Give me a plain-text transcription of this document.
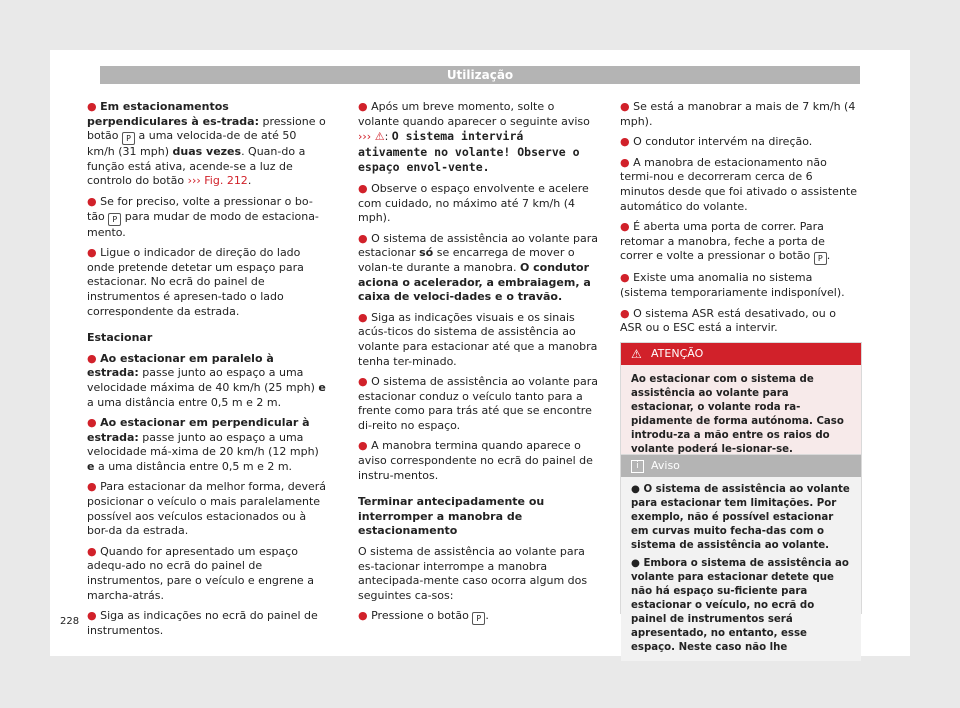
Utilização

● Em estacionamentos perpendiculares à es-trada: pressione o botão P a uma velocida-de de até 50 km/h (31 mph) duas vezes. Quan-do a função está ativa, acende-se a luz de controlo do botão ››› Fig. 212.

● Se for preciso, volte a pressionar o bo-tão P para mudar de modo de estaciona-mento.

● Ligue o indicador de direção do lado onde pretende detetar um espaço para estacionar. No ecrã do painel de instrumentos é apresen-tado o lado correspondente da estrada.

Estacionar

● Ao estacionar em paralelo à estrada: passe junto ao espaço a uma velocidade máxima de 40 km/h (25 mph) e a uma distância entre 0,5 m e 2 m.

● Ao estacionar em perpendicular à estrada: passe junto ao espaço a uma velocidade má-xima de 20 km/h (12 mph) e a uma distância entre 0,5 m e 2 m.

● Para estacionar da melhor forma, deverá posicionar o veículo o mais paralelamente possível aos veículos estacionados ou à bor-da da estrada.

● Quando for apresentado um espaço adequ-ado no ecrã do painel de instrumentos, pare o veículo e engrene a marcha-atrás.

● Siga as indicações no ecrã do painel de instrumentos.

● Após um breve momento, solte o volante quando aparecer o seguinte aviso ››› ⚠: O sistema intervirá ativamente no volante! Observe o espaço envol-vente.

● Observe o espaço envolvente e acelere com cuidado, no máximo até 7 km/h (4 mph).

● O sistema de assistência ao volante para estacionar só se encarrega de mover o volan-te durante a manobra. O condutor aciona o acelerador, a embraiagem, a caixa de veloci-dades e o travão.

● Siga as indicações visuais e os sinais acús-ticos do sistema de assistência ao volante para estacionar até que a manobra tenha ter-minado.

● O sistema de assistência ao volante para estacionar conduz o veículo tanto para a frente como para trás até que se encontre di-reito no espaço.

● A manobra termina quando aparece o aviso correspondente no ecrã do painel de instru-mentos.

Terminar antecipadamente ou interromper a manobra de estacionamento

O sistema de assistência ao volante para es-tacionar interrompe a manobra antecipada-mente caso ocorra algum dos seguintes ca-sos:

● Pressione o botão P .

● Se está a manobrar a mais de 7 km/h (4 mph).

● O condutor intervém na direção.

● A manobra de estacionamento não termi-nou e decorreram cerca de 6 minutos desde que foi ativado o assistente automático do volante.

● É aberta uma porta de correr. Para retomar a manobra, feche a porta de correr e volte a pressionar o botão P .

● Existe uma anomalia no sistema (sistema temporariamente indisponível).

● O sistema ASR está desativado, ou o ASR ou o ESC está a intervir.

⚠ ATENÇÃO
Ao estacionar com o sistema de assistência ao volante para estacionar, o volante roda ra-pidamente de forma autónoma. Caso introdu-za a mão entre os raios do volante poderá le-sionar-se.
i	Aviso

● O sistema de assistência ao volante para estacionar tem limitações. Por exemplo, não é possível estacionar em curvas muito fecha-das com o sistema de assistência ao volante.

● Embora o sistema de assistência ao volante para estacionar detete que não há espaço su-ficiente para estacionar o veículo, no ecrã do painel de instrumentos será apresentado, no entanto, esse espaço. Neste caso não lhe

228
